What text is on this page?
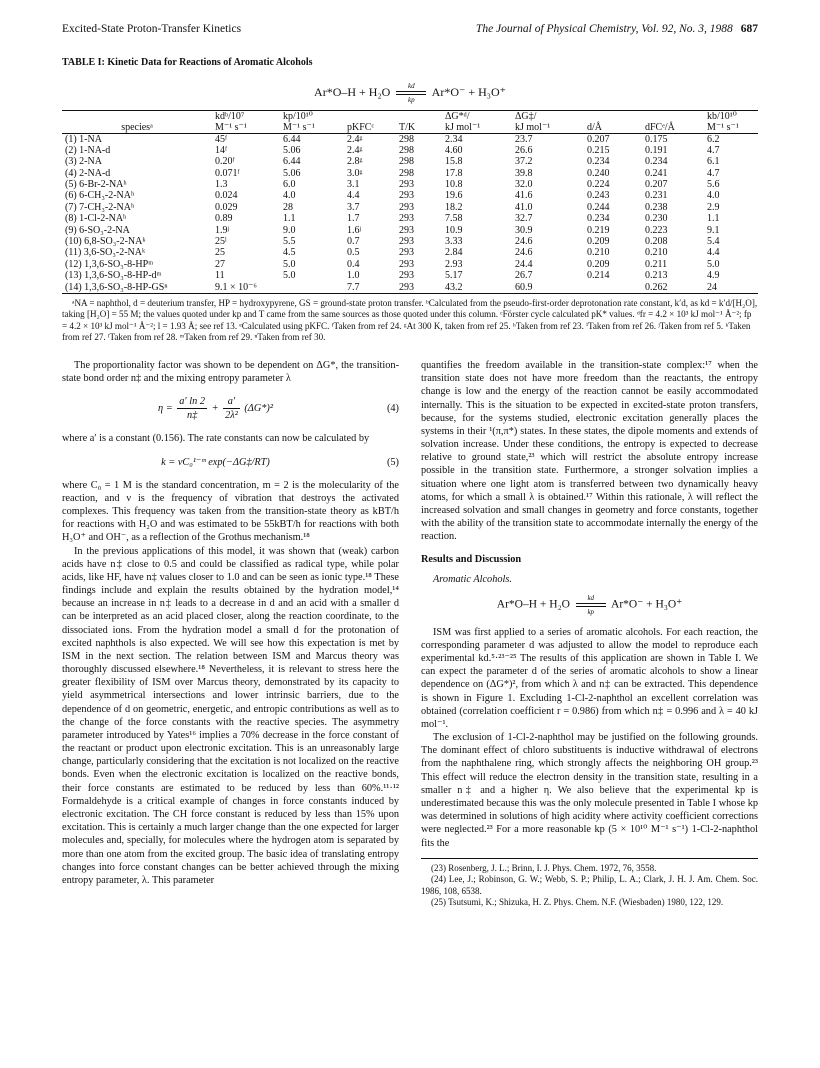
Excited-State Proton-Transfer Kinetics	The Journal of Physical Chemistry, Vol. 92, No. 3, 1988 687
TABLE I: Kinetic Data for Reactions of Aromatic Alcohols
Ar*O–H + H₂O	kd
kp
Ar*O⁻ + H₃O⁺
	kdᵇ/10⁷	kp/10¹⁰			ΔG*ᵈ/	ΔG‡/			kb/10¹⁰
speciesᵃ	M⁻¹ s⁻¹	M⁻¹ s⁻¹	pKFCᶜ	T/K	kJ mol⁻¹	kJ mol⁻¹	d/Å	dFCᵉ/Å	M⁻¹ s⁻¹
(1) 1-NA	45ᶠ	6.44	2.4ᵍ	298	2.34	23.7	0.207	0.175	6.2
(2) 1-NA-d	14ᶠ	5.06	2.4ᵍ	298	4.60	26.6	0.215	0.191	4.7
(3) 2-NA	0.20ᶠ	6.44	2.8ᵍ	298	15.8	37.2	0.234	0.234	6.1
(4) 2-NA-d	0.071ᶠ	5.06	3.0ᵍ	298	17.8	39.8	0.240	0.241	4.7
(5) 6-Br-2-NAʰ	1.3	6.0	3.1	293	10.8	32.0	0.224	0.207	5.6
(6) 6-CH₃-2-NAʰ	0.024	4.0	4.4	293	19.6	41.6	0.243	0.231	4.0
(7) 7-CH₃-2-NAʰ	0.029	28	3.7	293	18.2	41.0	0.244	0.238	2.9
(8) 1-Cl-2-NAʰ	0.89	1.1	1.7	293	7.58	32.7	0.234	0.230	1.1
(9) 6-SO₃-2-NA	1.9ʲ	9.0	1.6ʲ	293	10.9	30.9	0.219	0.223	9.1
(10) 6,8-SO₃-2-NAᵏ	25ˡ	5.5	0.7	293	3.33	24.6	0.209	0.208	5.4
(11) 3,6-SO₃-2-NAᵏ	25	4.5	0.5	293	2.84	24.6	0.210	0.210	4.4
(12) 1,3,6-SO₃-8-HPᵐ	27	5.0	0.4	293	2.93	24.4	0.209	0.211	5.0
(13) 1,3,6-SO₃-8-HP-dᵐ	11	5.0	1.0	293	5.17	26.7	0.214	0.213	4.9
(14) 1,3,6-SO₃-8-HP-GSⁿ	9.1 × 10⁻⁶		7.7	293	43.2	60.9		0.262	24
ᵃNA = naphthol, d = deuterium transfer, HP = hydroxypyrene, GS = ground-state proton transfer. ᵇCalculated from the pseudo-first-order deprotonation rate constant, k′d, as kd = k′d/[H₂O], taking [H₂O] = 55 M; the values quoted under kp and T came from the same sources as those quoted under this column. ᶜFörster cycle calculated pK* values. ᵈfr = 4.2 × 10³ kJ mol⁻¹ Å⁻²; fp = 4.2 × 10³ kJ mol⁻¹ Å⁻²; l = 1.93 Å; see ref 13. ᵉCalculated using pKFC. ᶠTaken from ref 24. ᵍAt 300 K, taken from ref 25. ʰTaken from ref 23. ⁱTaken from ref 26. ʲTaken from ref 5. ᵏTaken from ref 27. ˡTaken from ref 28. ᵐTaken from ref 29. ⁿTaken from ref 30.

The proportionality factor was shown to be dependent on ΔG*, the transition-state bond order n‡ and the mixing entropy parameter λ

$\eta = \frac{a' \ln 2}{n\ddagger} + \frac{a'}{\text{2λ²}} (\Delta G*)^2$	(4)

where a′ is a constant (0.156). The rate constants can now be calculated by

k = νC₀¹⁻ᵐ exp(−ΔG‡/RT)	(5)

where C₀ = 1 M is the standard concentration, m = 2 is the molecularity of the reaction, and ν is the frequency of vibration that destroys the activated complexes. This frequency was taken from the transition-state theory as kBT/h for reactions with H₂O and was estimated to be 55kBT/h for reactions with both H₃O⁺ and OH⁻, as a reflection of the Grothus mechanism.¹⁸

In the previous applications of this model, it was shown that (weak) carbon acids have n‡ close to 0.5 and could be classified as radical type, while polar acids, like HF, have n‡ values closer to 1.0 and can be seen as ionic type.¹⁸ These findings include and explain the results obtained by the hydration model,¹⁴ because an increase in n‡ leads to a decrease in d and an acid with a smaller d can be interpreted as an acid placed closer, along the reaction coordinate, to the dissociated ions. From the hydration model a small d for the protonation of excited naphthols is also expected. We will see how this expectation is met by ISM in the next section. The relation between ISM and Marcus theory was thoroughly discussed elsewhere.¹⁸ Nevertheless, it is relevant to stress here the greater flexibility of ISM over Marcus theory, demonstrated by its capacity to yield asymmetrical intersections and lower intrinsic barriers, due to the dependence of d on geometric, energetic, and entropic contributions as well as to the change of the force constants with the reactive species. The asymmetry parameter introduced by Yates¹⁶ implies a 70% decrease in the force constant of the reactant or product upon electronic excitation. This is an unreasonably large change, particularly considering that the excitation is not localized on the reactive bonds. Even when the electronic excitation is localized on the reactive bonds, their force constants are estimated to be reduced by less than 60%.¹¹·¹² Formaldehyde is a critical example of changes in force constants induced by electronic excitation. The CH force constant is reduced by less than 15% upon excitation. This is certainly a much larger change than the one expected for larger molecules and, specially, for molecules where the hydrogen atom is separated by more than one atom from the excited group. The basic idea of translating entropy changes into force constant changes can be better achieved through the mixing entropy parameter, λ. This parameter

quantifies the freedom available in the transition-state complex:¹⁷ when the transition state does not have more freedom than the reactants, the entropy change is low and the energy of the reaction cannot be easily accommodated internally. This is the situation to be expected in excited-state proton transfers, because, for the systems studied, electronic excitation generally places the systems in their ¹(π,π*) states. In these states, the dipole moments and extends of solvation increase. Under these conditions, the entropy is expected to decrease relative to ground state,²³ which will restrict the absolute entropy increase possible in the transition state. Furthermore, a stronger solvation implies a situation where one light atom is transferred between two dynamically heavy atoms, for which a small λ is obtained.¹⁷ Within this rationale, λ will reflect the increased solvation and small changes in geometry and force constants, together with the ability of the transition state to accommodate internally the energy of the reaction.

Results and Discussion
Aromatic Alcohols.
Ar*O–H + H₂O
kd
kp
Ar*O⁻ + H₃O⁺

ISM was first applied to a series of aromatic alcohols. For each reaction, the corresponding parameter d was adjusted to allow the model to reproduce each experimental kd.⁵·²³⁻²⁵ The results of this application are shown in Table I. We can expect the parameter d of the series of aromatic alcohols to show a linear dependence on (ΔG*)², from which λ and n‡ can be extracted. This dependence is shown in Figure 1. Excluding 1-Cl-2-naphthol an excellent correlation was obtained (correlation coefficient r = 0.986) from which n‡ = 0.996 and λ = 40 kJ mol⁻¹.

The exclusion of 1-Cl-2-naphthol may be justified on the following grounds. The dominant effect of chloro substituents is inductive withdrawal of electrons from the naphthalene ring, which strongly affects the neighboring OH group.²³ This effect will reduce the electron density in the transition state, resulting in a smaller n‡ and a higher η. We also believe that the experimental kp is underestimated because this was the only molecule presented in Table I whose kp was determined in solutions of high acidity where activity coefficient corrections were neglected.²³ For a more reasonable kp (5 × 10¹⁰ M⁻¹ s⁻¹) 1-Cl-2-naphthol fits the

(23) Rosenberg, J. L.; Brinn, I. J. Phys. Chem. 1972, 76, 3558.
(24) Lee, J.; Robinson, G. W.; Webb, S. P.; Philip, L. A.; Clark, J. H. J. Am. Chem. Soc. 1986, 108, 6538.
(25) Tsutsumi, K.; Shizuka, H. Z. Phys. Chem. N.F. (Wiesbaden) 1980, 122, 129.
